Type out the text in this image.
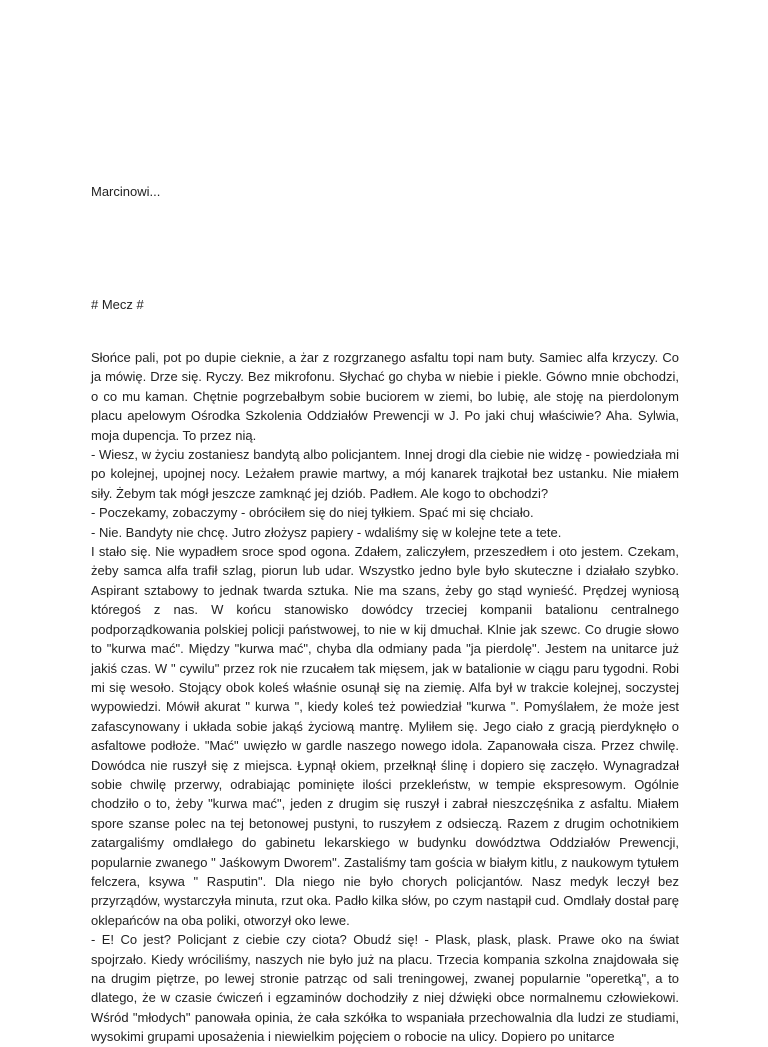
Marcinowi...

# Mecz #

Słońce pali, pot po dupie cieknie, a żar z rozgrzanego asfaltu topi nam buty. Samiec alfa krzyczy. Co ja mówię. Drze się. Ryczy. Bez mikrofonu. Słychać go chyba w niebie i piekle. Gówno mnie obchodzi, o co mu kaman. Chętnie pogrzebałbym sobie buciorem w ziemi, bo lubię, ale stoję na pierdolonym placu apelowym Ośrodka Szkolenia Oddziałów Prewencji w J. Po jaki chuj właściwie? Aha. Sylwia, moja dupencja. To przez nią.

- Wiesz, w życiu zostaniesz bandytą albo policjantem. Innej drogi dla ciebie nie widzę - powiedziała mi po kolejnej, upojnej nocy. Leżałem prawie martwy, a mój kanarek trajkotał bez ustanku. Nie miałem siły. Żebym tak mógł jeszcze zamknąć jej dziób. Padłem. Ale kogo to obchodzi?

- Poczekamy, zobaczymy - obróciłem się do niej tyłkiem. Spać mi się chciało.

- Nie. Bandyty nie chcę. Jutro złożysz papiery - wdaliśmy się w kolejne tete a tete.

I stało się. Nie wypadłem sroce spod ogona. Zdałem, zaliczyłem, przeszedłem i oto jestem. Czekam, żeby samca alfa trafił szlag, piorun lub udar. Wszystko jedno byle było skuteczne i działało szybko. Aspirant sztabowy to jednak twarda sztuka. Nie ma szans, żeby go stąd wynieść. Prędzej wyniosą któregoś z nas. W końcu stanowisko dowódcy trzeciej kompanii batalionu centralnego podporządkowania polskiej policji państwowej, to nie w kij dmuchał. Klnie jak szewc. Co drugie słowo to "kurwa mać". Między "kurwa mać", chyba dla odmiany pada "ja pierdolę". Jestem na unitarce już jakiś czas. W " cywilu" przez rok nie rzucałem tak mięsem, jak w batalionie w ciągu paru tygodni. Robi mi się wesoło. Stojący obok koleś właśnie osunął się na ziemię. Alfa był w trakcie kolejnej, soczystej wypowiedzi. Mówił akurat " kurwa ", kiedy koleś też powiedział "kurwa ". Pomyślałem, że może jest zafascynowany i układa sobie jakąś życiową mantrę. Myliłem się. Jego ciało z gracją pierdyknęło o asfaltowe podłoże. "Mać" uwięzło w gardle naszego nowego idola. Zapanowała cisza. Przez chwilę. Dowódca nie ruszył się z miejsca. Łypnął okiem, przełknął ślinę i dopiero się zaczęło. Wynagradzał sobie chwilę przerwy, odrabiając pominięte ilości przekleństw, w tempie ekspresowym. Ogólnie chodziło o to, żeby "kurwa mać", jeden z drugim się ruszył i zabrał nieszczęśnika z asfaltu. Miałem spore szanse polec na tej betonowej pustyni, to ruszyłem z odsieczą. Razem z drugim ochotnikiem zatargaliśmy omdlałego do gabinetu lekarskiego w budynku dowództwa Oddziałów Prewencji, popularnie zwanego " Jaśkowym Dworem". Zastaliśmy tam gościa w białym kitlu, z naukowym tytułem felczera, ksywa " Rasputin". Dla niego nie było chorych policjantów. Nasz medyk leczył bez przyrządów, wystarczyła minuta, rzut oka. Padło kilka słów, po czym nastąpił cud. Omdlały dostał parę oklepańców na oba poliki, otworzył oko lewe.

- E! Co jest? Policjant z ciebie czy ciota? Obudź się! - Plask, plask, plask. Prawe oko na świat spojrzało. Kiedy wróciliśmy, naszych nie było już na placu. Trzecia kompania szkolna znajdowała się na drugim piętrze, po lewej stronie patrząc od sali treningowej, zwanej popularnie "operetką", a to dlatego, że w czasie ćwiczeń i egzaminów dochodziły z niej dźwięki obce normalnemu człowiekowi. Wśród "młodych" panowała opinia, że cała szkółka to wspaniała przechowalnia dla ludzi ze studiami, wysokimi grupami uposażenia i niewielkim pojęciem o robocie na ulicy. Dopiero po unitarce
